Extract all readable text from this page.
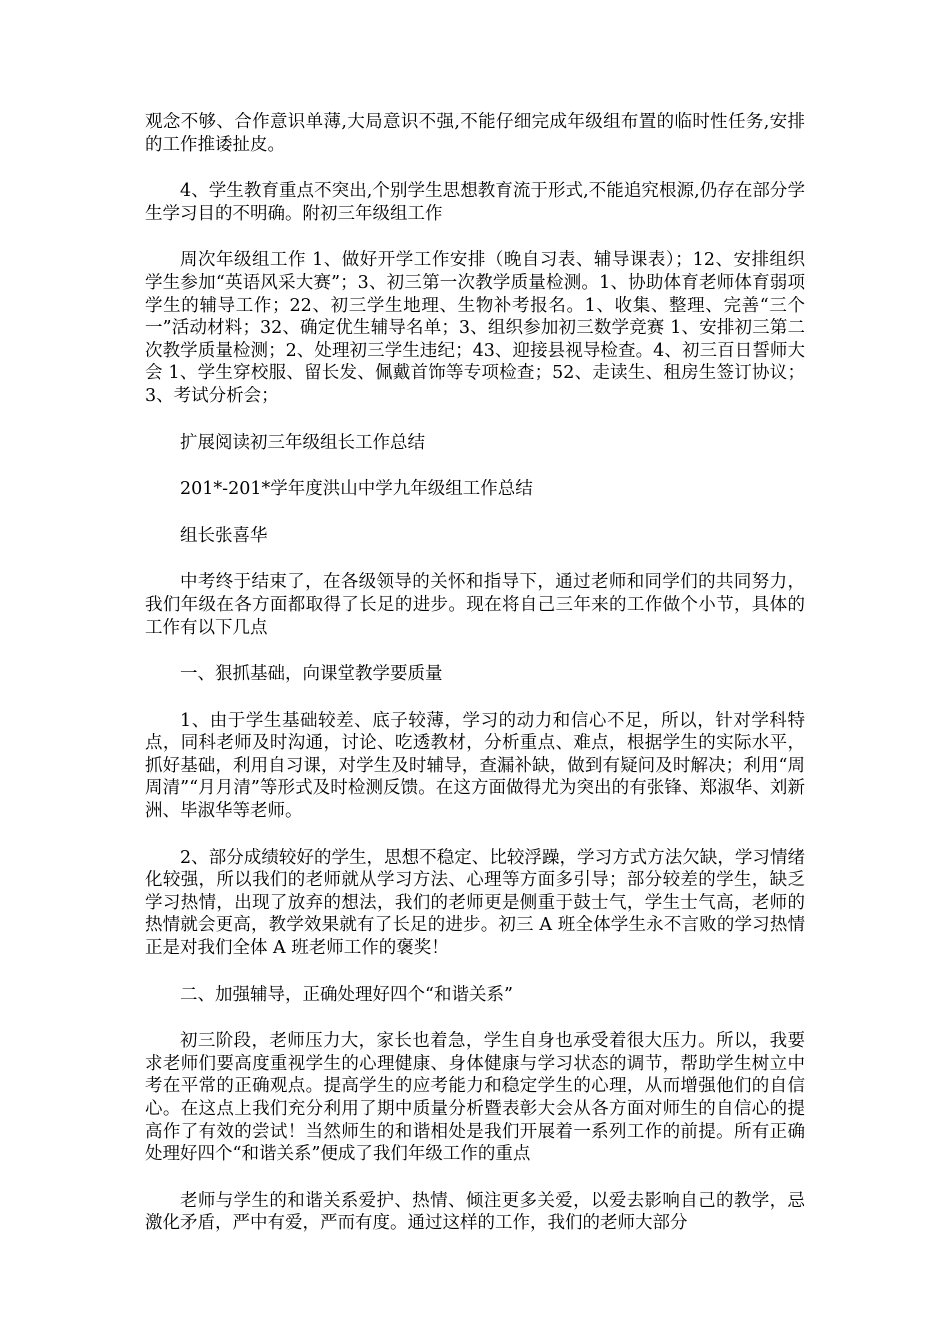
观念不够、合作意识单薄,大局意识不强,不能仔细完成年级组布置的临时性任务,安排的工作推诿扯皮。

4、学生教育重点不突出,个别学生思想教育流于形式,不能追究根源,仍存在部分学生学习目的不明确。附初三年级组工作

周次年级组工作 1、做好开学工作安排（晚自习表、辅导课表）；12、安排组织学生参加“英语风采大赛”；3、初三第一次教学质量检测。1、协助体育老师体育弱项学生的辅导工作；22、初三学生地理、生物补考报名。1、收集、整理、完善“三个一”活动材料；32、确定优生辅导名单；3、组织参加初三数学竞赛 1、安排初三第二次教学质量检测；2、处理初三学生违纪；43、迎接县视导检查。4、初三百日誓师大会 1、学生穿校服、留长发、佩戴首饰等专项检查；52、走读生、租房生签订协议；3、考试分析会；

扩展阅读初三年级组长工作总结

201*-201*学年度洪山中学九年级组工作总结

组长张喜华

中考终于结束了，在各级领导的关怀和指导下，通过老师和同学们的共同努力，我们年级在各方面都取得了长足的进步。现在将自己三年来的工作做个小节，具体的工作有以下几点

一、狠抓基础，向课堂教学要质量

1、由于学生基础较差、底子较薄，学习的动力和信心不足，所以，针对学科特点，同科老师及时沟通，讨论、吃透教材，分析重点、难点，根据学生的实际水平，抓好基础，利用自习课，对学生及时辅导，查漏补缺，做到有疑问及时解决；利用“周周清”“月月清”等形式及时检测反馈。在这方面做得尤为突出的有张锋、郑淑华、刘新洲、毕淑华等老师。

2、部分成绩较好的学生，思想不稳定、比较浮躁，学习方式方法欠缺，学习情绪化较强，所以我们的老师就从学习方法、心理等方面多引导；部分较差的学生，缺乏学习热情，出现了放弃的想法，我们的老师更是侧重于鼓士气，学生士气高，老师的热情就会更高，教学效果就有了长足的进步。初三 A 班全体学生永不言败的学习热情正是对我们全体 A 班老师工作的褒奖！

二、加强辅导，正确处理好四个“和谐关系”

初三阶段，老师压力大，家长也着急，学生自身也承受着很大压力。所以，我要求老师们要高度重视学生的心理健康、身体健康与学习状态的调节，帮助学生树立中考在平常的正确观点。提高学生的应考能力和稳定学生的心理，从而增强他们的自信心。在这点上我们充分利用了期中质量分析暨表彰大会从各方面对师生的自信心的提高作了有效的尝试！当然师生的和谐相处是我们开展着一系列工作的前提。所有正确处理好四个“和谐关系”便成了我们年级工作的重点

老师与学生的和谐关系爱护、热情、倾注更多关爱，以爱去影响自己的教学，忌激化矛盾，严中有爱，严而有度。通过这样的工作，我们的老师大部分
